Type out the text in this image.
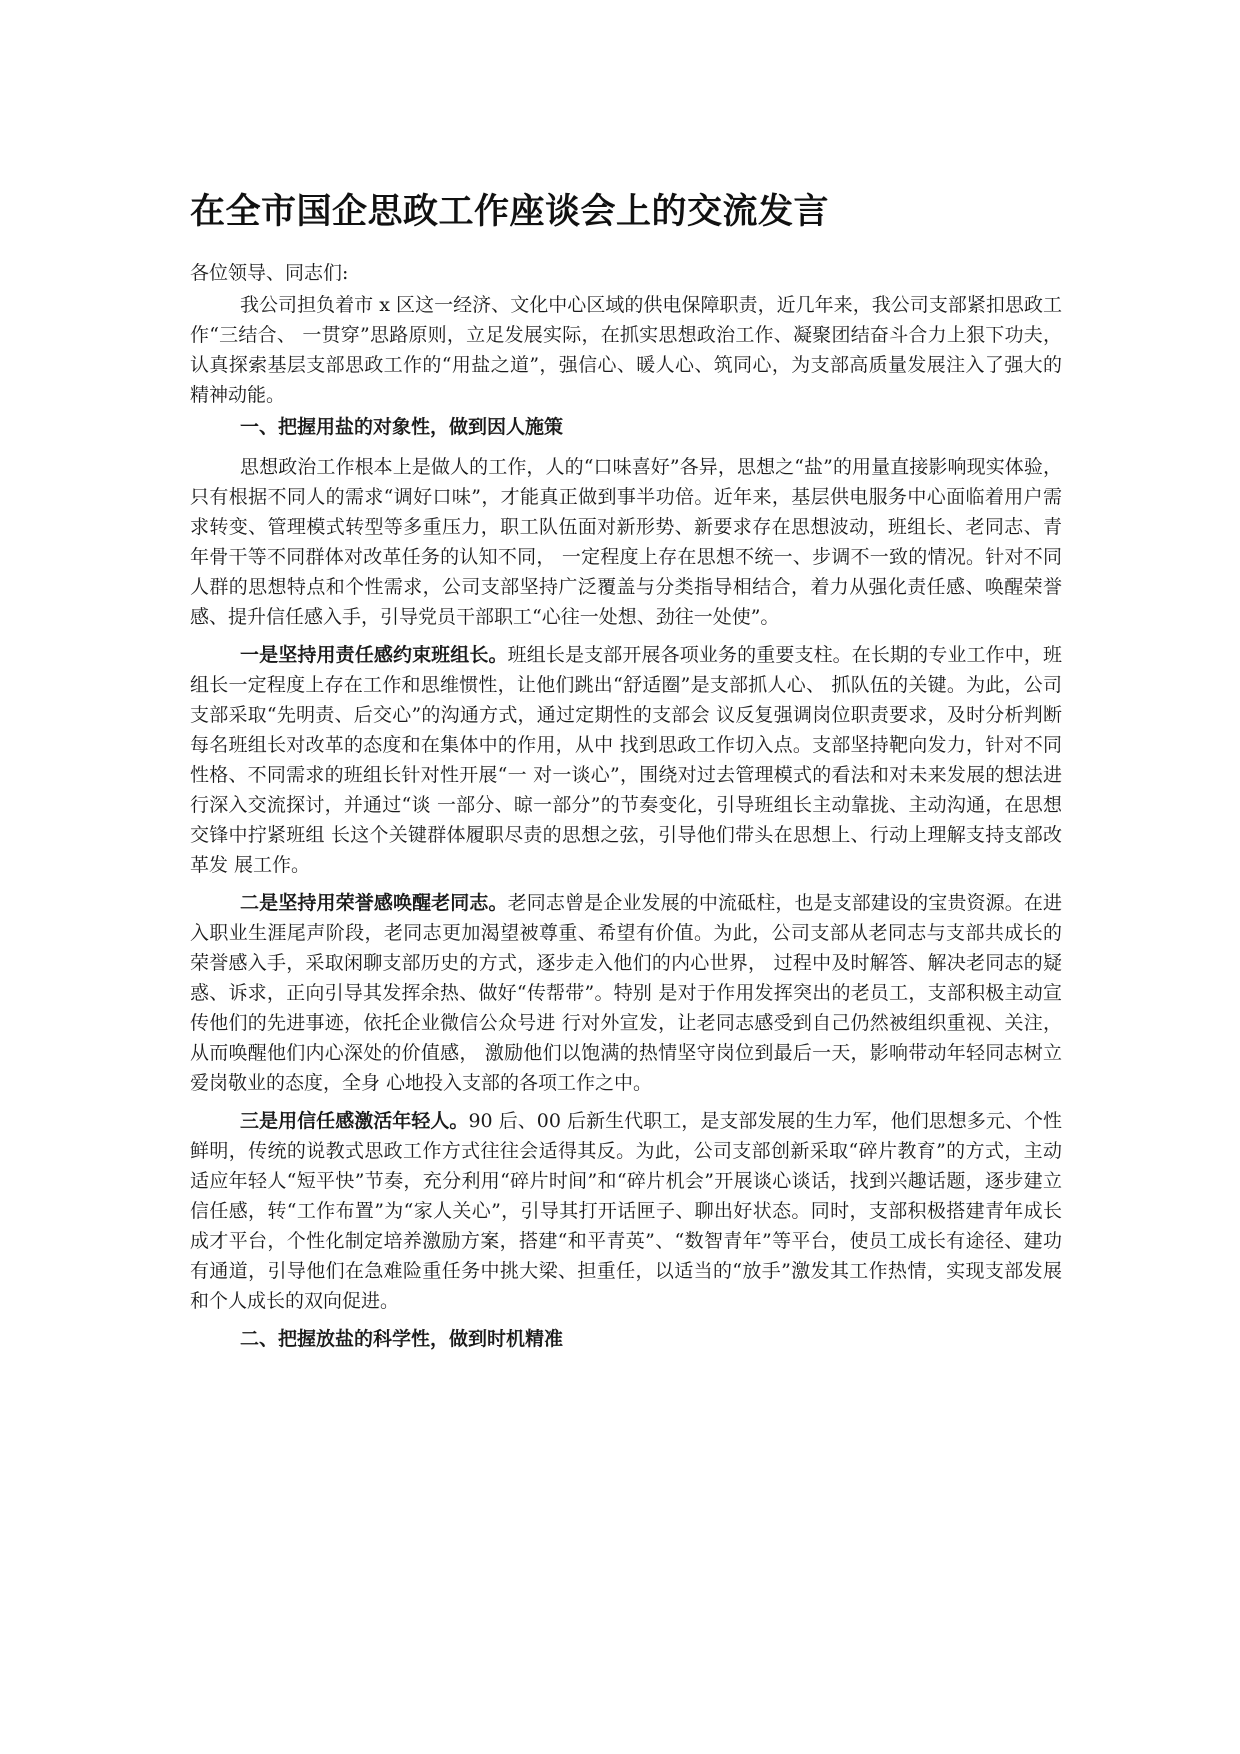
在全市国企思政工作座谈会上的交流发言
各位领导、同志们:

我公司担负着市 x 区这一经济、文化中心区域的供电保障职责，近几年来，我公司支部紧扣思政工作“三结合、 一贯穿”思路原则，立足发展实际，在抓实思想政治工作、凝聚团结奋斗合力上狠下功夫，认真探索基层支部思政工作的“用盐之道”，强信心、暖人心、筑同心，为支部高质量发展注入了强大的精神动能。

一、把握用盐的对象性，做到因人施策

思想政治工作根本上是做人的工作，人的“口味喜好”各异，思想之“盐”的用量直接影响现实体验，只有根据不同人的需求“调好口味”，才能真正做到事半功倍。近年来，基层供电服务中心面临着用户需求转变、管理模式转型等多重压力，职工队伍面对新形势、新要求存在思想波动，班组长、老同志、青年骨干等不同群体对改革任务的认知不同， 一定程度上存在思想不统一、步调不一致的情况。针对不同人群的思想特点和个性需求，公司支部坚持广泛覆盖与分类指导相结合，着力从强化责任感、唤醒荣誉感、提升信任感入手，引导党员干部职工“心往一处想、劲往一处使”。

一是坚持用责任感约束班组长。班组长是支部开展各项业务的重要支柱。在长期的专业工作中，班组长一定程度上存在工作和思维惯性，让他们跳出“舒适圈”是支部抓人心、 抓队伍的关键。为此，公司支部采取“先明责、后交心”的沟通方式，通过定期性的支部会 议反复强调岗位职责要求，及时分析判断每名班组长对改革的态度和在集体中的作用，从中 找到思政工作切入点。支部坚持靶向发力，针对不同性格、不同需求的班组长针对性开展“一 对一谈心”，围绕对过去管理模式的看法和对未来发展的想法进行深入交流探讨，并通过“谈 一部分、晾一部分”的节奏变化，引导班组长主动靠拢、主动沟通，在思想交锋中拧紧班组 长这个关键群体履职尽责的思想之弦，引导他们带头在思想上、行动上理解支持支部改革发 展工作。

二是坚持用荣誉感唤醒老同志。老同志曾是企业发展的中流砥柱，也是支部建设的宝贵资源。在进入职业生涯尾声阶段，老同志更加渴望被尊重、希望有价值。为此，公司支部从老同志与支部共成长的荣誉感入手，采取闲聊支部历史的方式，逐步走入他们的内心世界， 过程中及时解答、解决老同志的疑惑、诉求，正向引导其发挥余热、做好“传帮带”。特别 是对于作用发挥突出的老员工，支部积极主动宣传他们的先进事迹，依托企业微信公众号进 行对外宣发，让老同志感受到自己仍然被组织重视、关注，从而唤醒他们内心深处的价值感， 激励他们以饱满的热情坚守岗位到最后一天，影响带动年轻同志树立爱岗敬业的态度，全身 心地投入支部的各项工作之中。

三是用信任感激活年轻人。90 后、00 后新生代职工，是支部发展的生力军，他们思想多元、个性鲜明，传统的说教式思政工作方式往往会适得其反。为此，公司支部创新采取“碎片教育”的方式，主动适应年轻人“短平快”节奏，充分利用“碎片时间”和“碎片机会”开展谈心谈话，找到兴趣话题，逐步建立信任感，转“工作布置”为“家人关心”，引导其打开话匣子、聊出好状态。同时，支部积极搭建青年成长成才平台，个性化制定培养激励方案，搭建“和平青英”、“数智青年”等平台，使员工成长有途径、建功有通道，引导他们在急难险重任务中挑大梁、担重任，以适当的“放手”激发其工作热情，实现支部发展和个人成长的双向促进。

二、把握放盐的科学性，做到时机精准
